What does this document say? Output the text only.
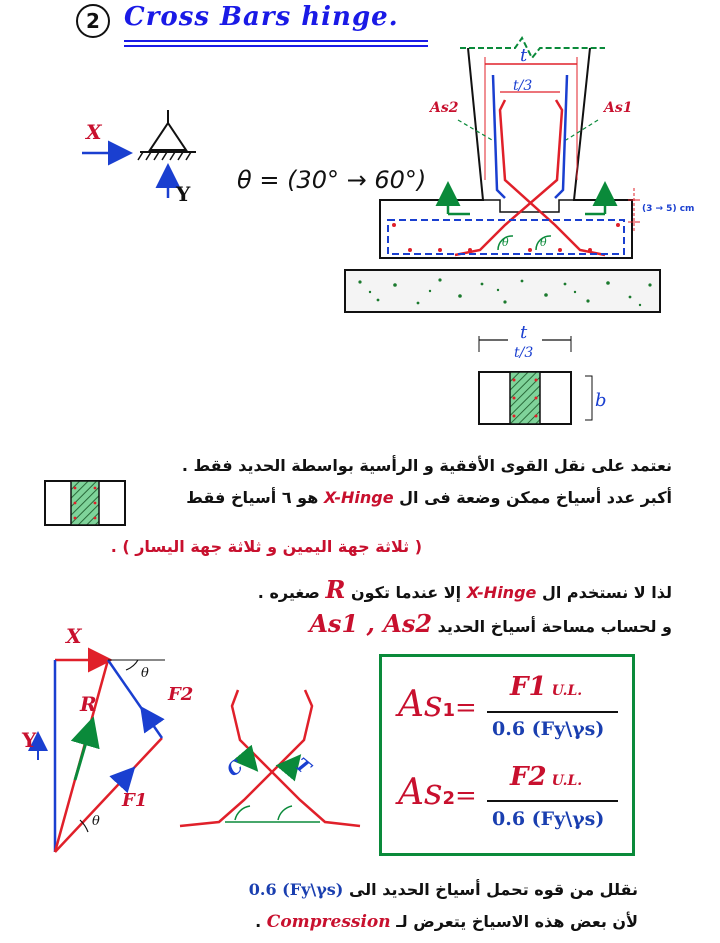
2 Cross Bars hinge.
X
Y θ = (30° → 60°)
t
t/3
As2	As1
(3 → 5) cm
θ	θ
t
t/3
b
نعتمد على نقل القوى الأفقية و الرأسية بواسطة الحديد فقط .
أكبر عدد أسياخ ممكن وضعة فى ال X-Hinge هو ٦ أسياخ فقط
( ثلاثة جهة اليمين و ثلاثة جهة اليسار ) .
لذا لا نستخدم ال X-Hinge إلا عندما تكون R صغيره .
و لحساب مساحة أسياخ الحديد As1 , As2
X
Y
R
F1
F2
θ
θ
C T
As1=
F1 U.L.
0.6 (Fy\γs)
As2=
F2 U.L.
0.6 (Fy\γs)
نقلل من قوه تحمل أسياخ الحديد الى 0.6 (Fy\γs)
لأن بعض هذه الاسياخ يتعرض لـ Compression .
